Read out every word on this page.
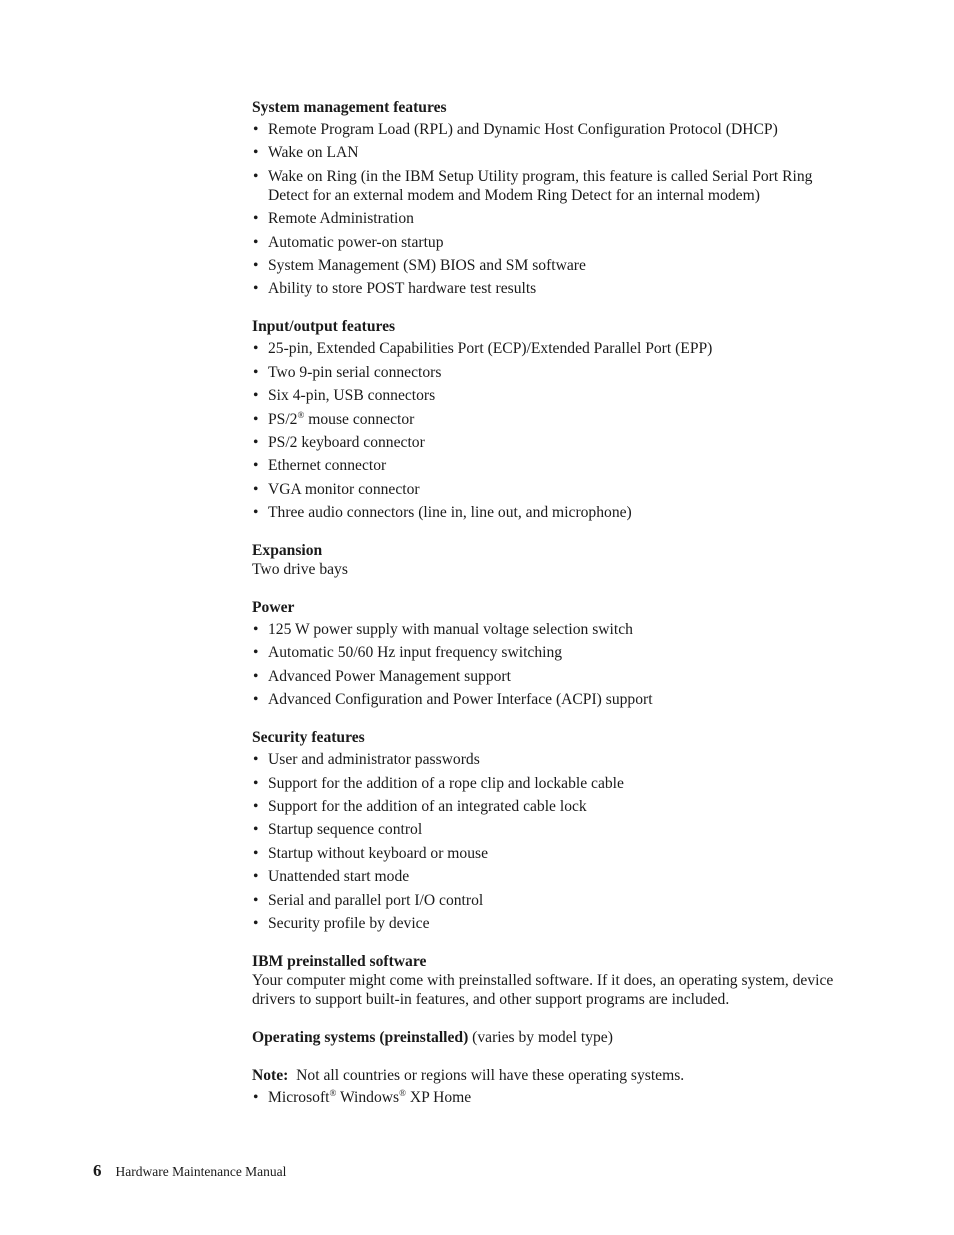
System management features

• Remote Program Load (RPL) and Dynamic Host Configuration Protocol (DHCP)
• Wake on LAN
• Wake on Ring (in the IBM Setup Utility program, this feature is called Serial Port Ring Detect for an external modem and Modem Ring Detect for an internal modem)
• Remote Administration
• Automatic power-on startup
• System Management (SM) BIOS and SM software
• Ability to store POST hardware test results

Input/output features

• 25-pin, Extended Capabilities Port (ECP)/Extended Parallel Port (EPP)
• Two 9-pin serial connectors
• Six 4-pin, USB connectors
• PS/2® mouse connector
• PS/2 keyboard connector
• Ethernet connector
• VGA monitor connector
• Three audio connectors (line in, line out, and microphone)

Expansion

Two drive bays

Power

• 125 W power supply with manual voltage selection switch
• Automatic 50/60 Hz input frequency switching
• Advanced Power Management support
• Advanced Configuration and Power Interface (ACPI) support

Security features

• User and administrator passwords
• Support for the addition of a rope clip and lockable cable
• Support for the addition of an integrated cable lock
• Startup sequence control
• Startup without keyboard or mouse
• Unattended start mode
• Serial and parallel port I/O control
• Security profile by device

IBM preinstalled software

Your computer might come with preinstalled software. If it does, an operating system, device drivers to support built-in features, and other support programs are included.

Operating systems (preinstalled) (varies by model type)

Note:  Not all countries or regions will have these operating systems.

• Microsoft® Windows® XP Home
6 Hardware Maintenance Manual
